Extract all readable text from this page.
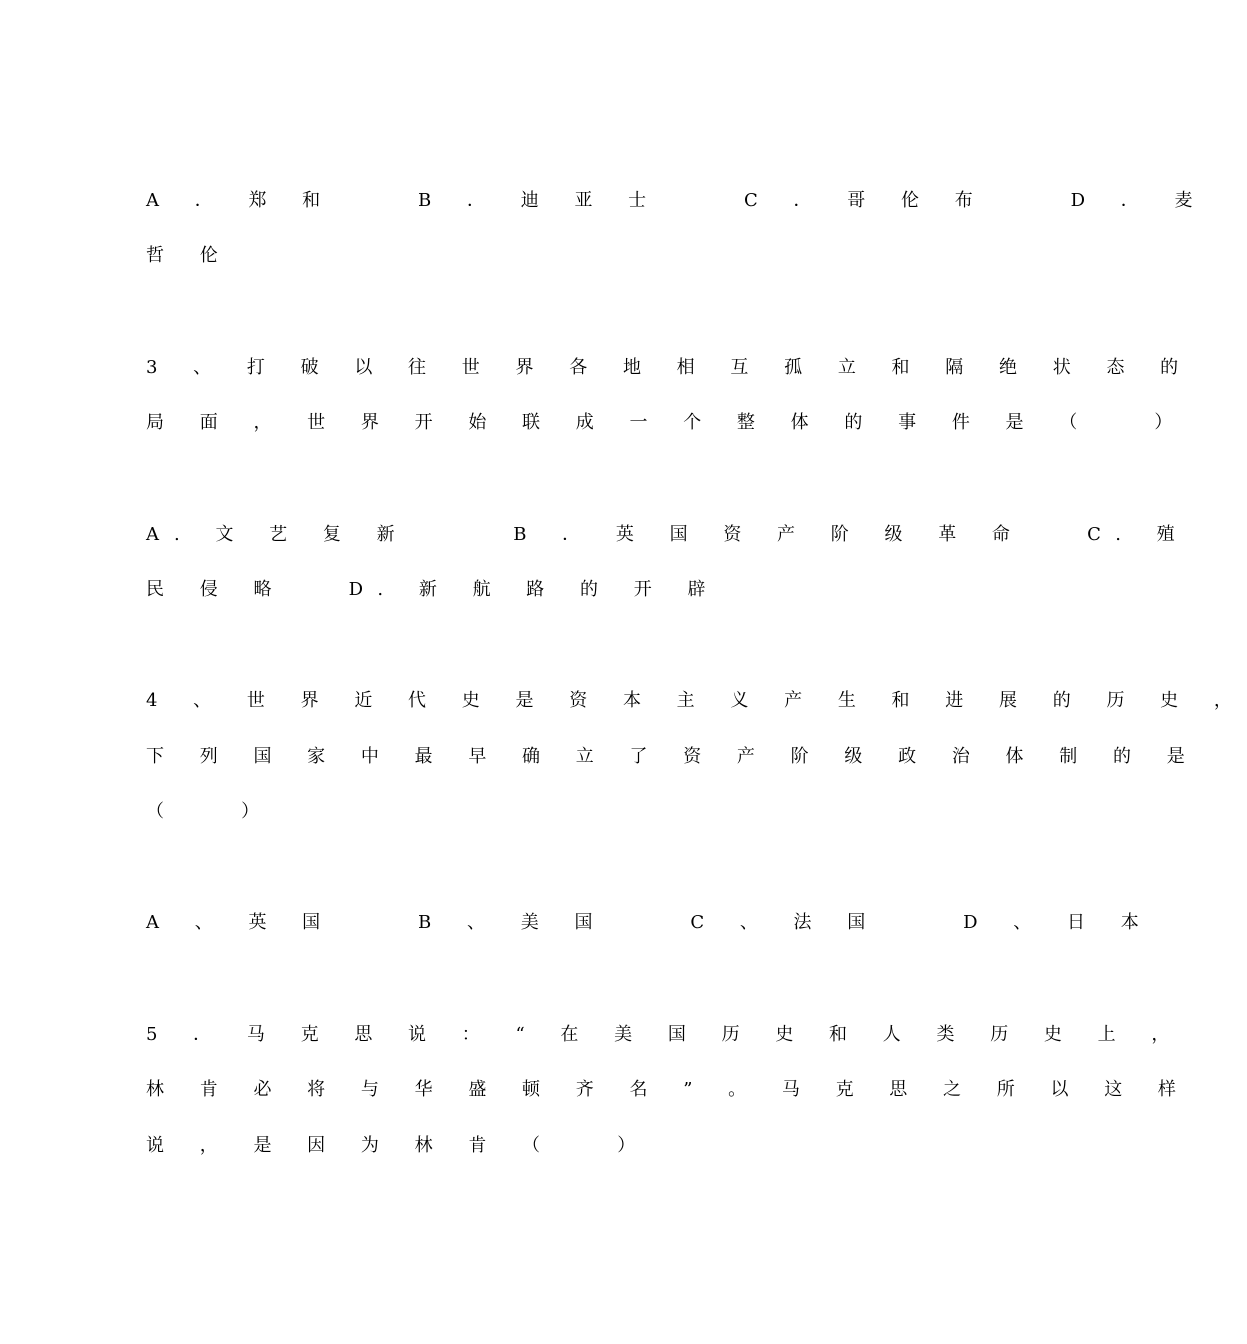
A ． 郑 和    B ． 迪 亚 士    C ． 哥 伦 布    D ． 麦
哲 伦
3 、 打 破 以 往 世 界 各 地 相 互 孤 立 和 隔 绝 状 态 的
局 面 ， 世 界 开 始 联 成 一 个 整 体 的 事 件 是 （   ）
A. 文 艺 复 新     B ． 英 国 资 产 阶 级 革 命   C. 殖
民 侵 略   D. 新 航 路 的 开 辟
4 、 世 界 近 代 史 是 资 本 主 义 产 生 和 进 展 的 历 史 ，
下 列 国 家 中 最 早 确 立 了 资 产 阶 级 政 治 体 制 的 是
（   ）
A 、 英 国    B 、 美 国    C 、 法 国    D 、 日 本
5 ． 马 克 思 说 ： “ 在 美 国 历 史 和 人 类 历 史 上 ，
林 肯 必 将 与 华 盛 顿 齐 名 ” 。 马 克 思 之 所 以 这 样
说 ， 是 因 为 林 肯 （   ）
